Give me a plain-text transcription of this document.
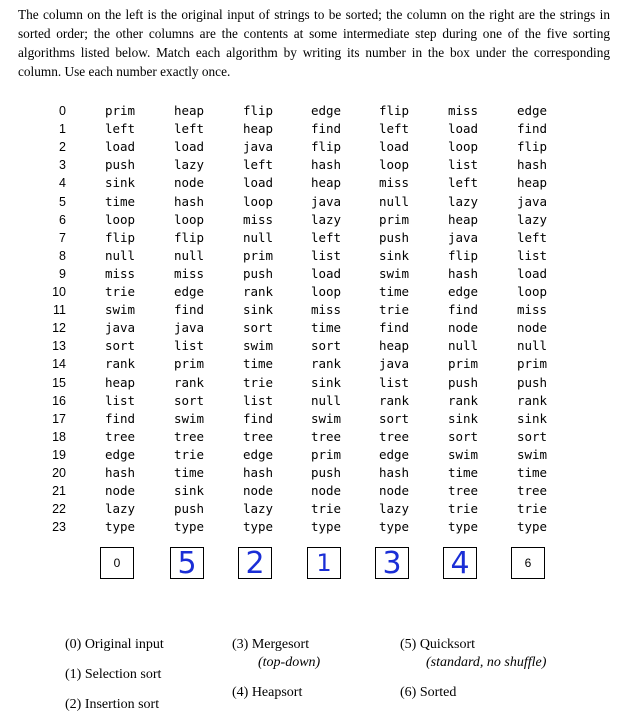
The column on the left is the original input of strings to be sorted; the column on the right are the strings in sorted order; the other columns are the contents at some intermediate step during one of the five sorting algorithms listed below. Match each algorithm by writing its number in the box under the corresponding column. Use each number exactly once.
0	prim	heap	flip	edge	flip	miss	edge
1	left	left	heap	find	left	load	find
2	load	load	java	flip	load	loop	flip
3	push	lazy	left	hash	loop	list	hash
4	sink	node	load	heap	miss	left	heap
5	time	hash	loop	java	null	lazy	java
6	loop	loop	miss	lazy	prim	heap	lazy
7	flip	flip	null	left	push	java	left
8	null	null	prim	list	sink	flip	list
9	miss	miss	push	load	swim	hash	load
10	trie	edge	rank	loop	time	edge	loop
11	swim	find	sink	miss	trie	find	miss
12	java	java	sort	time	find	node	node
13	sort	list	swim	sort	heap	null	null
14	rank	prim	time	rank	java	prim	prim
15	heap	rank	trie	sink	list	push	push
16	list	sort	list	null	rank	rank	rank
17	find	swim	find	swim	sort	sink	sink
18	tree	tree	tree	tree	tree	sort	sort
19	edge	trie	edge	prim	edge	swim	swim
20	hash	time	hash	push	hash	time	time
21	node	sink	node	node	node	tree	tree
22	lazy	push	lazy	trie	lazy	trie	trie
23	type	type	type	type	type	type	type
0 5 2 1 3 4	6
(0) Original input
(1) Selection sort
(2) Insertion sort
(3) Mergesort
(top-down)
(4) Heapsort
(5) Quicksort
(standard, no shuffle)
(6) Sorted
